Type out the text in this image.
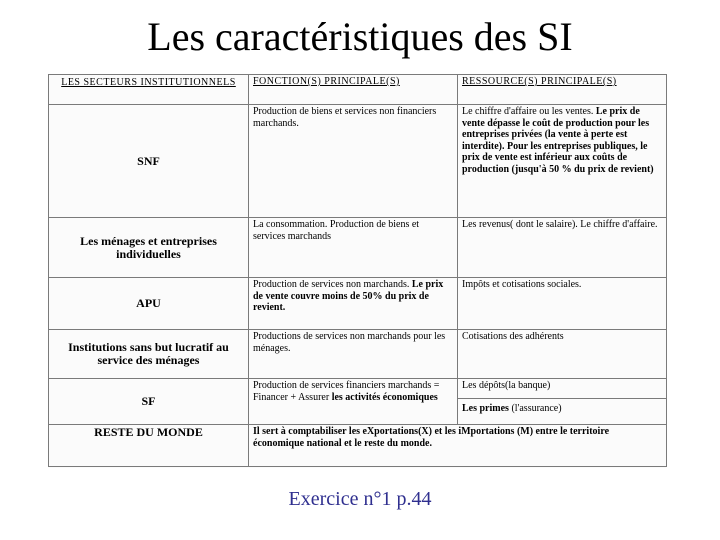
Les caractéristiques des SI
LES SECTEURS INSTITUTIONNELS	FONCTION(S) PRINCIPALE(S)	RESSOURCE(S) PRINCIPALE(S)
SNF	Production de biens et services non financiers marchands.	Le chiffre d'affaire ou les ventes. Le prix de vente dépasse le coût de production pour les entreprises privées (la vente à perte est interdite). Pour les entreprises publiques, le prix de vente est inférieur aux coûts de production (jusqu'à 50 % du prix de revient)
Les ménages et entreprises individuelles	La consommation. Production de biens et services marchands	Les revenus( dont le salaire). Le chiffre d'affaire.
APU	Production de services non marchands. Le prix de vente couvre moins de 50% du prix de revient.	Impôts et cotisations sociales.
Institutions sans but lucratif au service des ménages	Productions de services non marchands pour les ménages.	Cotisations des adhérents
SF	Production de services financiers marchands = Financer + Assurer les activités économiques	Les dépôts(la banque)
Les primes (l'assurance)
RESTE DU MONDE	Il sert à comptabiliser les eXportations(X) et les iMportations (M) entre le territoire économique national et le reste du monde.	
Exercice n°1 p.44
